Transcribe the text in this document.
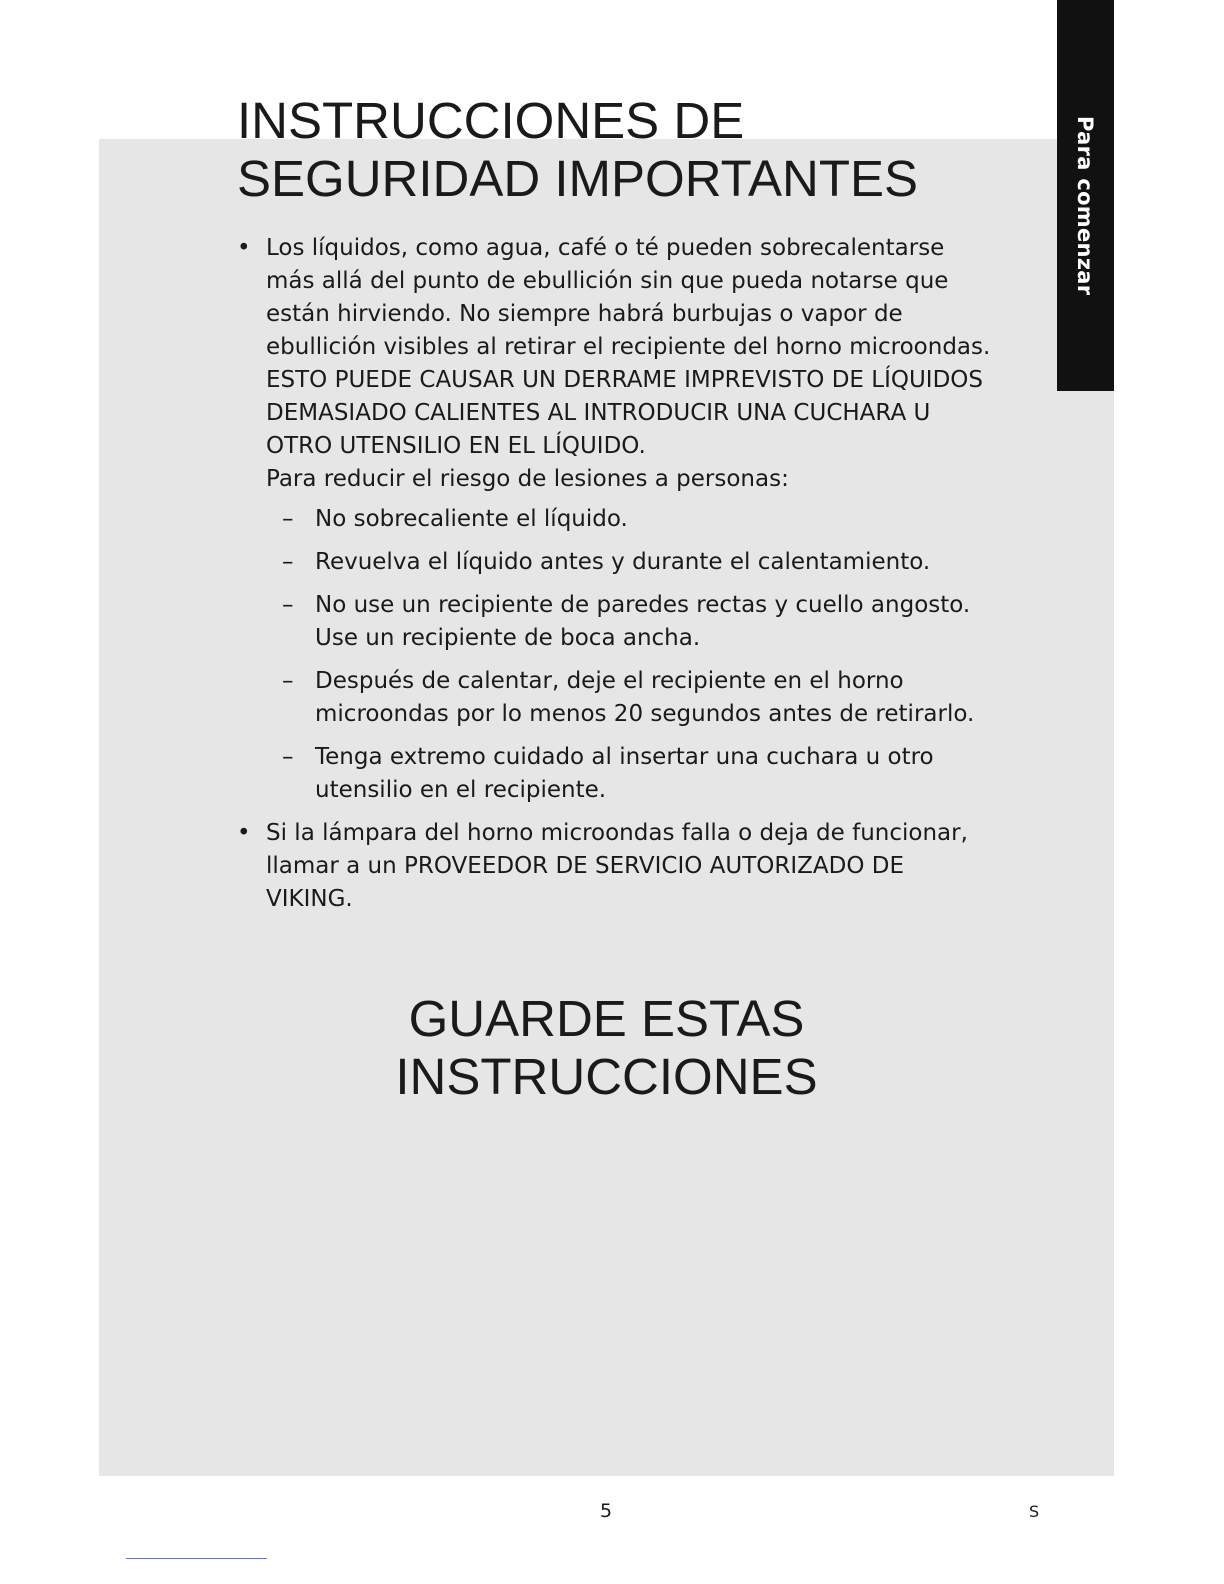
Para comenzar
INSTRUCCIONES DE
SEGURIDAD IMPORTANTES
• Los líquidos, como agua, café o té pueden sobrecalentarse más allá del punto de ebullición sin que pueda notarse que están hirviendo. No siempre habrá burbujas o vapor de ebullición visibles al retirar el recipiente del horno microondas. ESTO PUEDE CAUSAR UN DERRAME IMPREVISTO DE LÍQUIDOS DEMASIADO CALIENTES AL INTRODUCIR UNA CUCHARA U OTRO UTENSILIO EN EL LÍQUIDO.
Para reducir el riesgo de lesiones a personas:
– No sobrecaliente el líquido.
– Revuelva el líquido antes y durante el calentamiento.
– No use un recipiente de paredes rectas y cuello angosto. Use un recipiente de boca ancha.
– Después de calentar, deje el recipiente en el horno microondas por lo menos 20 segundos antes de retirarlo.
– Tenga extremo cuidado al insertar una cuchara u otro utensilio en el recipiente.
• Si la lámpara del horno microondas falla o deja de funcionar, llamar a un PROVEEDOR DE SERVICIO AUTORIZADO DE VIKING.
GUARDE ESTAS
INSTRUCCIONES
5	S
